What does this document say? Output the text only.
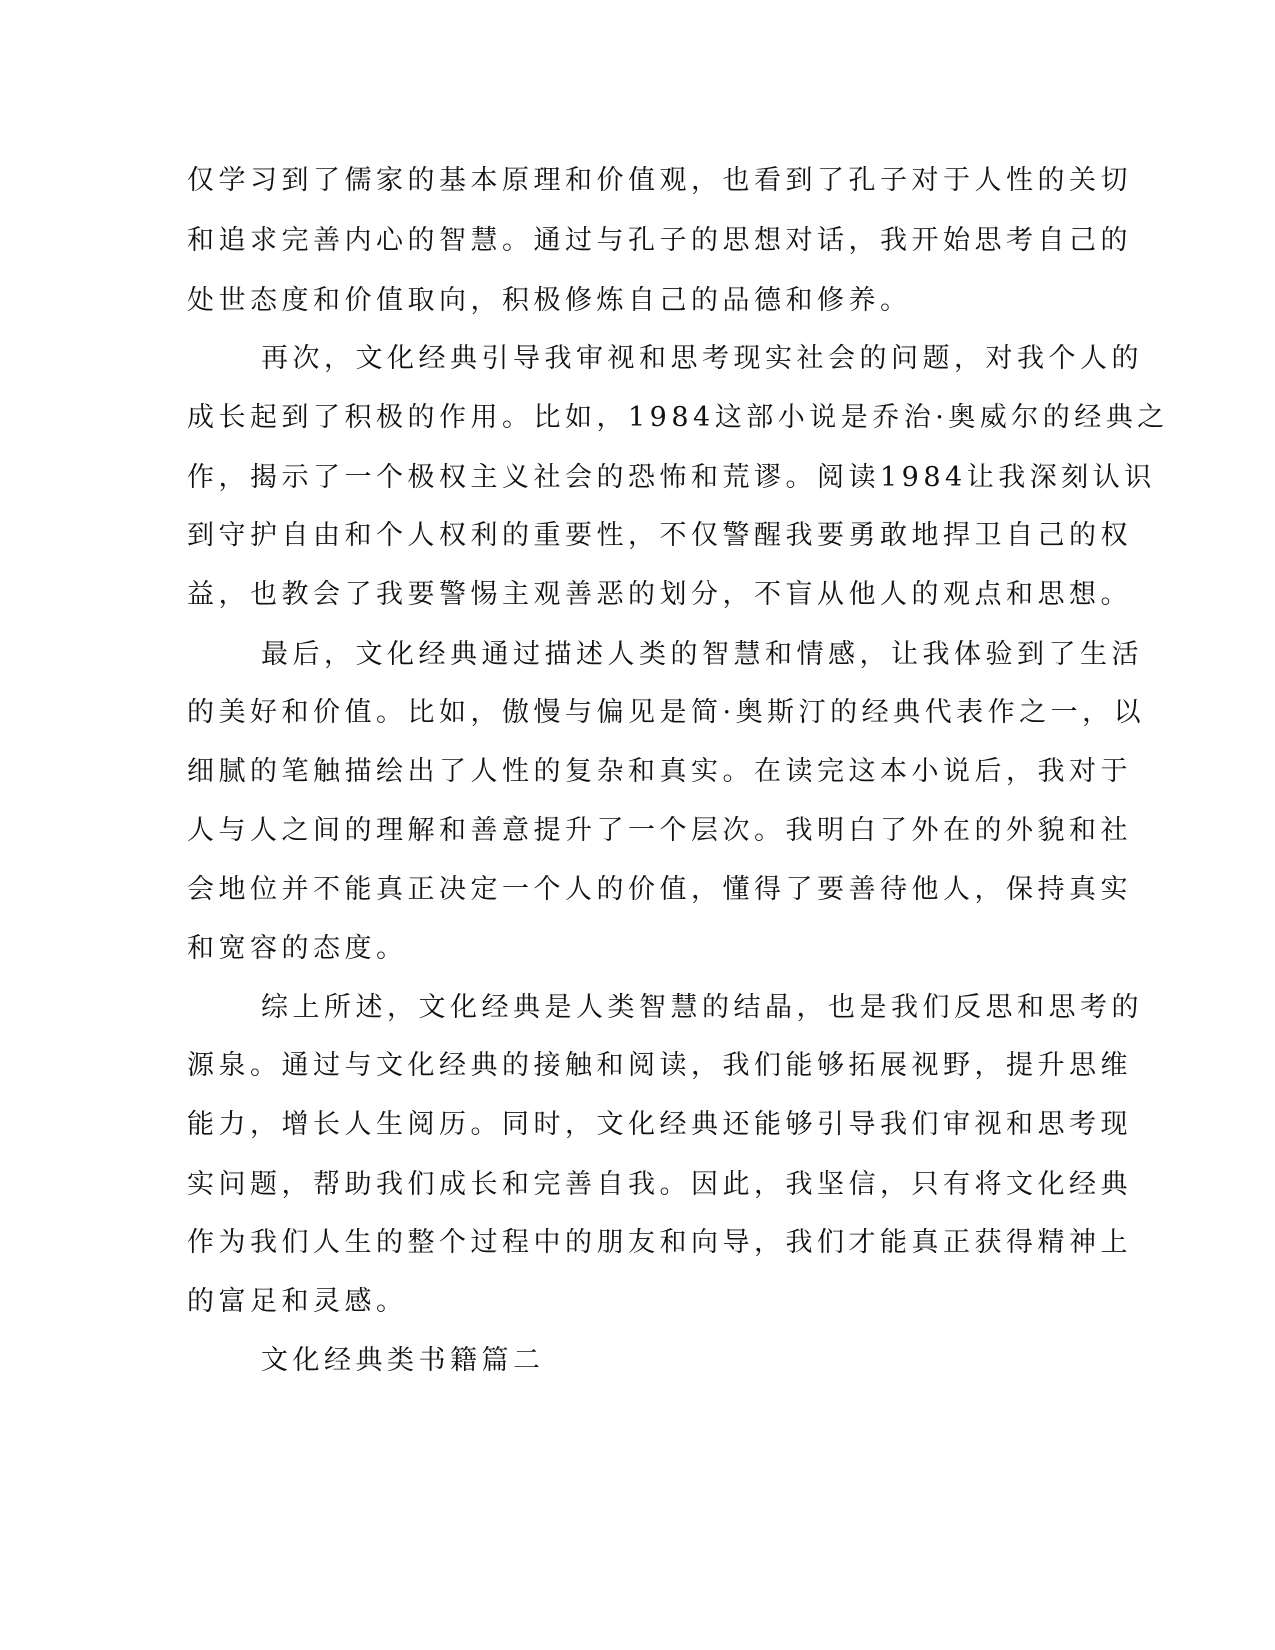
仅学习到了儒家的基本原理和价值观，也看到了孔子对于人性的关切

和追求完善内心的智慧。通过与孔子的思想对话，我开始思考自己的

处世态度和价值取向，积极修炼自己的品德和修养。

再次，文化经典引导我审视和思考现实社会的问题，对我个人的

成长起到了积极的作用。比如，1984这部小说是乔治·奥威尔的经典之

作，揭示了一个极权主义社会的恐怖和荒谬。阅读1984让我深刻认识

到守护自由和个人权利的重要性，不仅警醒我要勇敢地捍卫自己的权

益，也教会了我要警惕主观善恶的划分，不盲从他人的观点和思想。

最后，文化经典通过描述人类的智慧和情感，让我体验到了生活

的美好和价值。比如，傲慢与偏见是简·奥斯汀的经典代表作之一，以

细腻的笔触描绘出了人性的复杂和真实。在读完这本小说后，我对于

人与人之间的理解和善意提升了一个层次。我明白了外在的外貌和社

会地位并不能真正决定一个人的价值，懂得了要善待他人，保持真实

和宽容的态度。

综上所述，文化经典是人类智慧的结晶，也是我们反思和思考的

源泉。通过与文化经典的接触和阅读，我们能够拓展视野，提升思维

能力，增长人生阅历。同时，文化经典还能够引导我们审视和思考现

实问题，帮助我们成长和完善自我。因此，我坚信，只有将文化经典

作为我们人生的整个过程中的朋友和向导，我们才能真正获得精神上

的富足和灵感。

文化经典类书籍篇二
